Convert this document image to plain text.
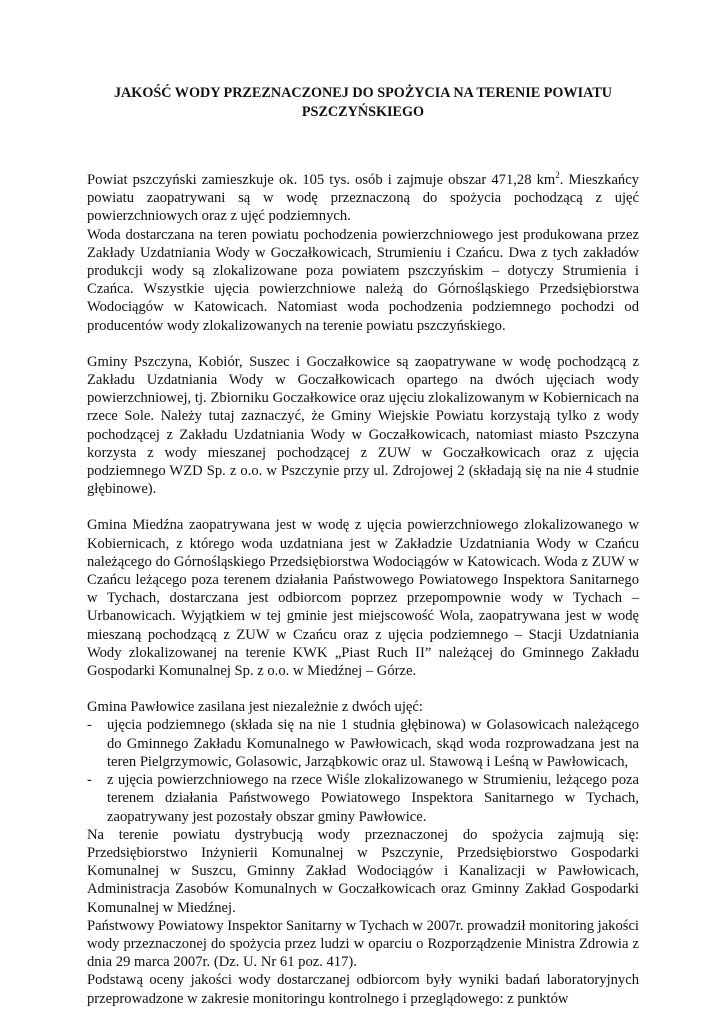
JAKOŚĆ WODY PRZEZNACZONEJ DO SPOŻYCIA NA TERENIE POWIATU
PSZCZYŃSKIEGO

Powiat pszczyński zamieszkuje ok. 105 tys. osób i zajmuje obszar 471,28 $km^2$. Mieszkańcy powiatu zaopatrywani są w wodę przeznaczoną do spożycia pochodzącą z ujęć powierzchniowych oraz z ujęć podziemnych.

Woda dostarczana na teren powiatu pochodzenia powierzchniowego jest produkowana przez Zakłady Uzdatniania Wody w Goczałkowicach, Strumieniu i Czańcu. Dwa z tych zakładów produkcji wody są zlokalizowane poza powiatem pszczyńskim – dotyczy Strumienia i Czańca. Wszystkie ujęcia powierzchniowe należą do Górnośląskiego Przedsiębiorstwa Wodociągów w Katowicach. Natomiast woda pochodzenia podziemnego pochodzi od producentów wody zlokalizowanych na terenie powiatu pszczyńskiego.

Gminy Pszczyna, Kobiór, Suszec i Goczałkowice są zaopatrywane w wodę pochodzącą z Zakładu Uzdatniania Wody w Goczałkowicach opartego na dwóch ujęciach wody powierzchniowej, tj. Zbiorniku Goczałkowice oraz ujęciu zlokalizowanym w Kobiernicach na rzece Sole. Należy tutaj zaznaczyć, że Gminy Wiejskie Powiatu korzystają tylko z wody pochodzącej z Zakładu Uzdatniania Wody w Goczałkowicach, natomiast miasto Pszczyna korzysta z wody mieszanej pochodzącej z ZUW w Goczałkowicach oraz z ujęcia podziemnego WZD Sp. z o.o. w Pszczynie przy ul. Zdrojowej 2 (składają się na nie 4 studnie głębinowe).

Gmina Miedźna zaopatrywana jest w wodę z ujęcia powierzchniowego zlokalizowanego w Kobiernicach, z którego woda uzdatniana jest w Zakładzie Uzdatniania Wody w Czańcu należącego do Górnośląskiego Przedsiębiorstwa Wodociągów w Katowicach. Woda z ZUW w Czańcu leżącego poza terenem działania Państwowego Powiatowego Inspektora Sanitarnego w Tychach, dostarczana jest odbiorcom poprzez przepompownie wody w Tychach – Urbanowicach. Wyjątkiem w tej gminie jest miejscowość Wola, zaopatrywana jest w wodę mieszaną pochodzącą z ZUW w Czańcu oraz z ujęcia podziemnego – Stacji Uzdatniania Wody zlokalizowanej na terenie KWK „Piast Ruch II” należącej do Gminnego Zakładu Gospodarki Komunalnej Sp. z o.o. w Miedźnej – Górze.

Gmina Pawłowice zasilana jest niezależnie z dwóch ujęć:

-	ujęcia podziemnego (składa się na nie 1 studnia głębinowa) w Golasowicach należącego do Gminnego Zakładu Komunalnego w Pawłowicach, skąd woda rozprowadzana jest na teren Pielgrzymowic, Golasowic, Jarząbkowic oraz ul. Stawową i Leśną w Pawłowicach,
-	z ujęcia powierzchniowego na rzece Wiśle zlokalizowanego w Strumieniu, leżącego poza terenem działania Państwowego Powiatowego Inspektora Sanitarnego w Tychach, zaopatrywany jest pozostały obszar gminy Pawłowice.

Na terenie powiatu dystrybucją wody przeznaczonej do spożycia zajmują się: Przedsiębiorstwo Inżynierii Komunalnej w Pszczynie, Przedsiębiorstwo Gospodarki Komunalnej w Suszcu, Gminny Zakład Wodociągów i Kanalizacji w Pawłowicach, Administracja Zasobów Komunalnych w Goczałkowicach oraz Gminny Zakład Gospodarki Komunalnej w Miedźnej.

Państwowy Powiatowy Inspektor Sanitarny w Tychach w 2007r. prowadził monitoring jakości wody przeznaczonej do spożycia przez ludzi w oparciu o Rozporządzenie Ministra Zdrowia z dnia 29 marca 2007r. (Dz. U. Nr 61 poz. 417).

Podstawą oceny jakości wody dostarczanej odbiorcom były wyniki badań laboratoryjnych przeprowadzone w zakresie monitoringu kontrolnego i przeglądowego: z punktów
